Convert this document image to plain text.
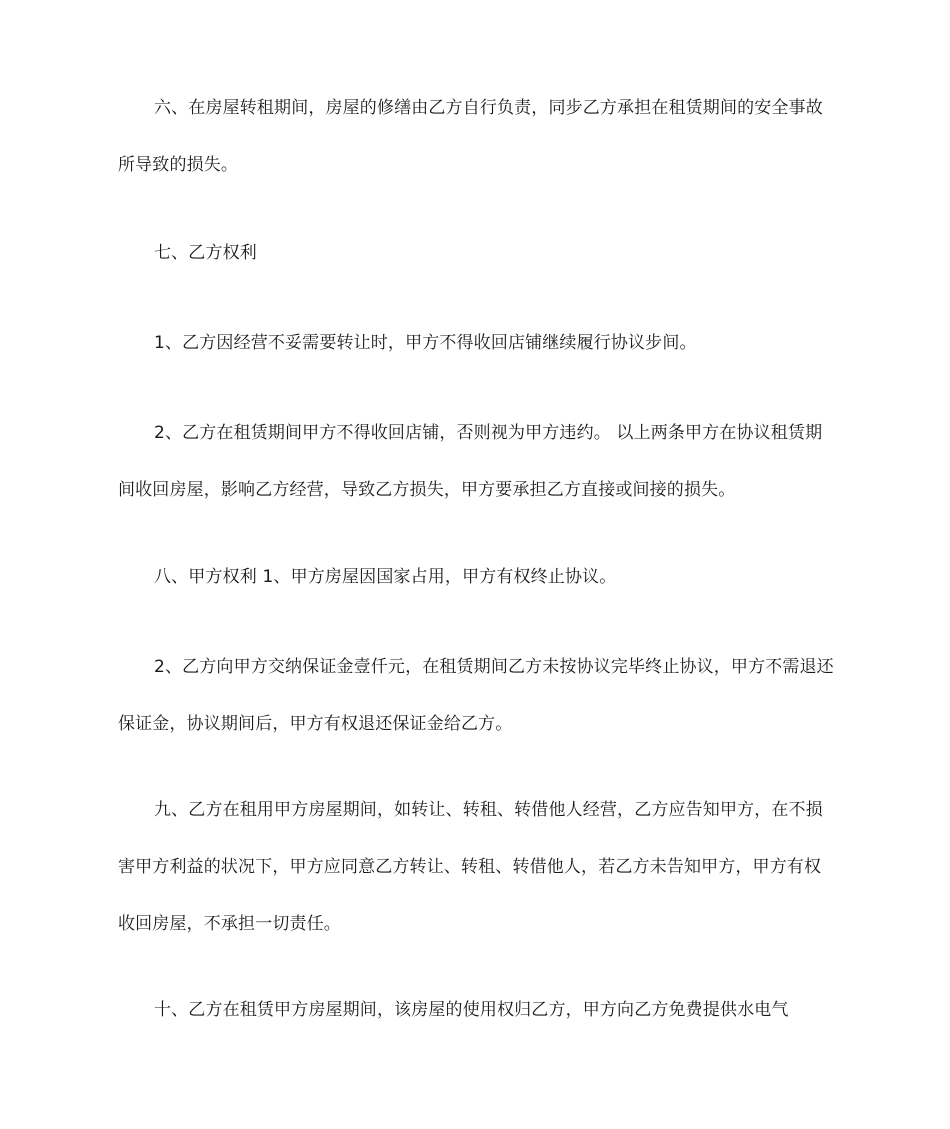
六、在房屋转租期间，房屋的修缮由乙方自行负责，同步乙方承担在租赁期间的安全事故所导致的损失。

七、乙方权利

1、乙方因经营不妥需要转让时，甲方不得收回店铺继续履行协议步间。

2、乙方在租赁期间甲方不得收回店铺，否则视为甲方违约。 以上两条甲方在协议租赁期间收回房屋，影响乙方经营，导致乙方损失，甲方要承担乙方直接或间接的损失。

八、甲方权利 1、甲方房屋因国家占用，甲方有权终止协议。

2、乙方向甲方交纳保证金壹仟元，在租赁期间乙方未按协议完毕终止协议，甲方不需退还保证金，协议期间后，甲方有权退还保证金给乙方。

九、乙方在租用甲方房屋期间，如转让、转租、转借他人经营，乙方应告知甲方，在不损害甲方利益的状况下，甲方应同意乙方转让、转租、转借他人，若乙方未告知甲方，甲方有权收回房屋，不承担一切责任。

十、乙方在租赁甲方房屋期间，该房屋的使用权归乙方，甲方向乙方免费提供水电气
